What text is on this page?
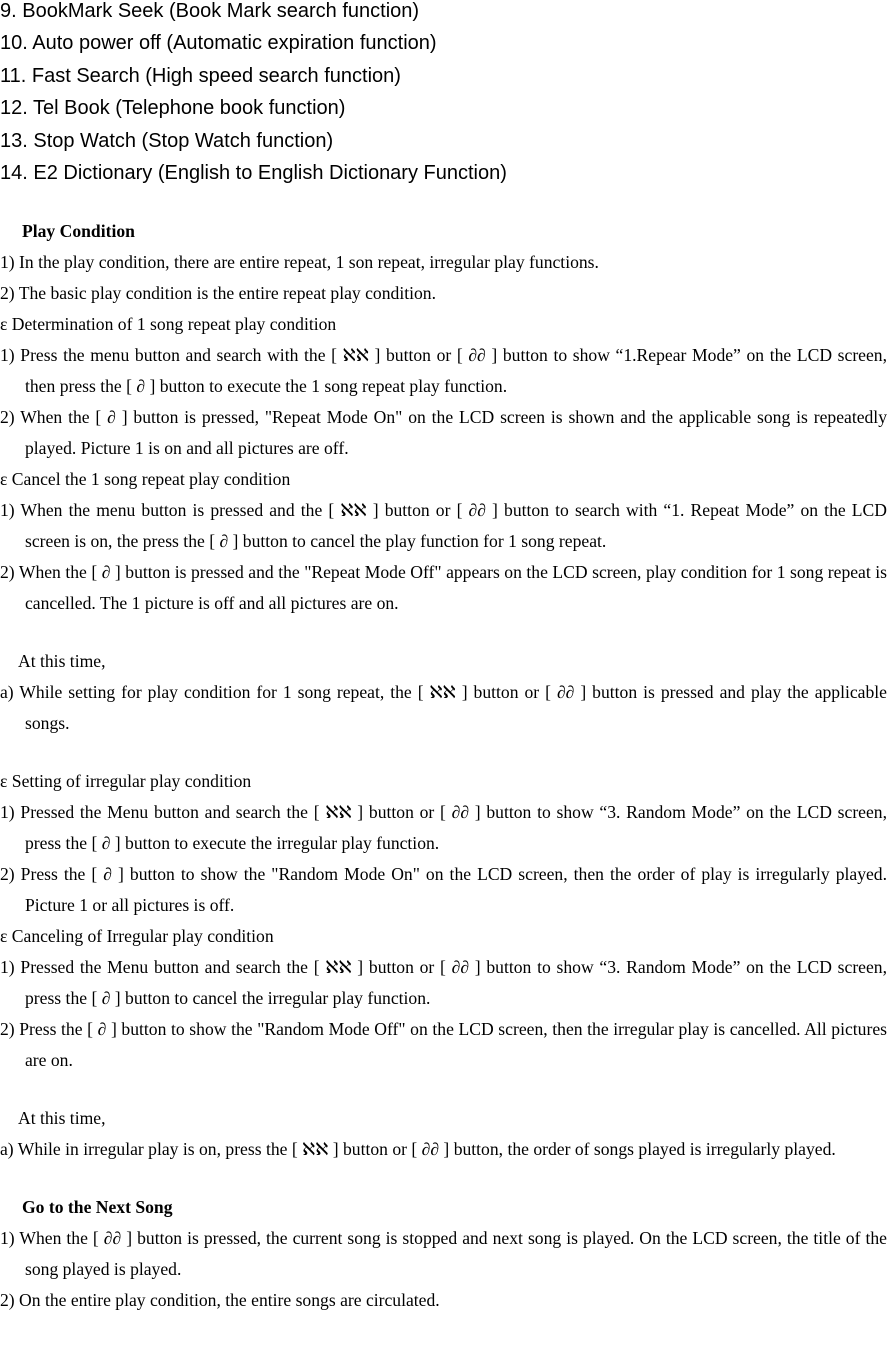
9. BookMark Seek (Book Mark search function)
10. Auto power off (Automatic expiration function)
11. Fast Search (High speed search function)
12. Tel Book (Telephone book function)
13. Stop Watch (Stop Watch function)
14. E2 Dictionary (English to English Dictionary Function)
Play Condition

1) In the play condition, there are entire repeat, 1 son repeat, irregular play functions.

2) The basic play condition is the entire repeat play condition.

ε Determination of 1 song repeat play condition

1) Press the menu button and search with the [ ℵℵ ] button or [ ∂∂ ] button to show “1.Repear Mode” on the LCD screen, then press the [ ∂ ] button to execute the 1 song repeat play function.

2) When the [ ∂ ] button is pressed, "Repeat Mode On" on the LCD screen is shown and the applicable song is repeatedly played. Picture 1 is on and all pictures are off.

ε Cancel the 1 song repeat play condition

1) When the menu button is pressed and the [ ℵℵ ] button or [ ∂∂ ] button to search with “1. Repeat Mode” on the LCD screen is on, the press the [ ∂ ] button to cancel the play function for 1 song repeat.

2) When the [ ∂ ] button is pressed and the "Repeat Mode Off" appears on the LCD screen, play condition for 1 song repeat is cancelled. The 1 picture is off and all pictures are on.

At this time,

a) While setting for play condition for 1 song repeat, the [ ℵℵ ] button or [ ∂∂ ] button is pressed and play the applicable songs.

ε Setting of irregular play condition

1) Pressed the Menu button and search the [ ℵℵ ] button or [ ∂∂ ] button to show “3. Random Mode” on the LCD screen, press the [ ∂ ] button to execute the irregular play function.

2) Press the [ ∂ ] button to show the "Random Mode On" on the LCD screen, then the order of play is irregularly played. Picture 1 or all pictures is off.

ε Canceling of Irregular play condition

1) Pressed the Menu button and search the [ ℵℵ ] button or [ ∂∂ ] button to show “3. Random Mode” on the LCD screen, press the [ ∂ ] button to cancel the irregular play function.

2) Press the [ ∂ ] button to show the "Random Mode Off" on the LCD screen, then the irregular play is cancelled. All pictures are on.

At this time,

a) While in irregular play is on, press the [ ℵℵ ] button or [ ∂∂ ] button, the order of songs played is irregularly played.

Go to the Next Song

1) When the [ ∂∂ ] button is pressed, the current song is stopped and next song is played. On the LCD screen, the title of the song played is played.

2) On the entire play condition, the entire songs are circulated.
